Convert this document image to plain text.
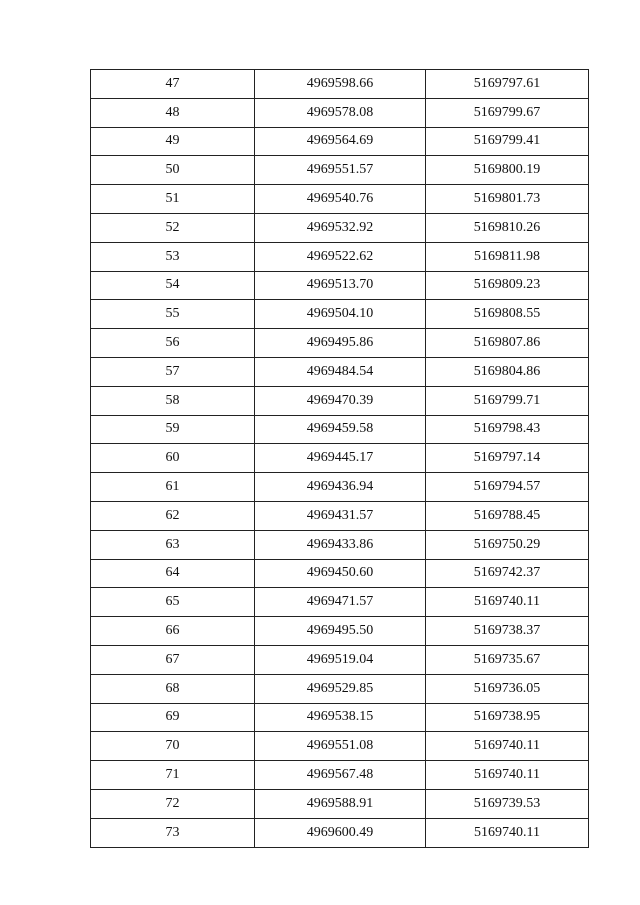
47	4969598.66	5169797.61
48	4969578.08	5169799.67
49	4969564.69	5169799.41
50	4969551.57	5169800.19
51	4969540.76	5169801.73
52	4969532.92	5169810.26
53	4969522.62	5169811.98
54	4969513.70	5169809.23
55	4969504.10	5169808.55
56	4969495.86	5169807.86
57	4969484.54	5169804.86
58	4969470.39	5169799.71
59	4969459.58	5169798.43
60	4969445.17	5169797.14
61	4969436.94	5169794.57
62	4969431.57	5169788.45
63	4969433.86	5169750.29
64	4969450.60	5169742.37
65	4969471.57	5169740.11
66	4969495.50	5169738.37
67	4969519.04	5169735.67
68	4969529.85	5169736.05
69	4969538.15	5169738.95
70	4969551.08	5169740.11
71	4969567.48	5169740.11
72	4969588.91	5169739.53
73	4969600.49	5169740.11
